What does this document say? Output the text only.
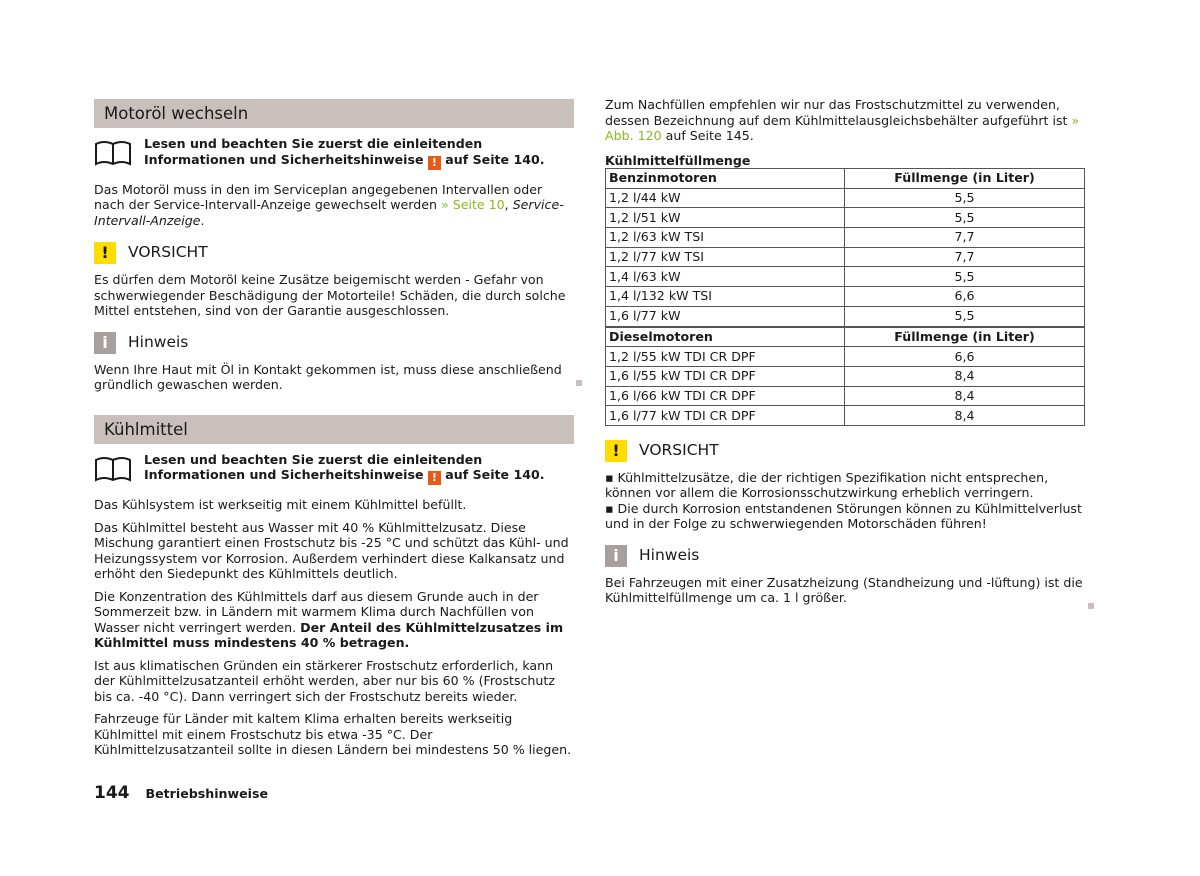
Motoröl wechseln
Lesen und beachten Sie zuerst die einleitenden Informationen und Sicherheitshinweise ! auf Seite 140.

Das Motoröl muss in den im Serviceplan angegebenen Intervallen oder nach der Service-Intervall-Anzeige gewechselt werden » Seite 10, Service-Intervall-Anzeige.

!	VORSICHT

Es dürfen dem Motoröl keine Zusätze beigemischt werden - Gefahr von schwerwiegender Beschädigung der Motorteile! Schäden, die durch solche Mittel entstehen, sind von der Garantie ausgeschlossen.

i	Hinweis

Wenn Ihre Haut mit Öl in Kontakt gekommen ist, muss diese anschließend gründlich gewaschen werden.

Kühlmittel
Lesen und beachten Sie zuerst die einleitenden Informationen und Sicherheitshinweise ! auf Seite 140.

Das Kühlsystem ist werkseitig mit einem Kühlmittel befüllt.

Das Kühlmittel besteht aus Wasser mit 40 % Kühlmittelzusatz. Diese Mischung garantiert einen Frostschutz bis -25 °C und schützt das Kühl- und Heizungssystem vor Korrosion. Außerdem verhindert diese Kalkansatz und erhöht den Siedepunkt des Kühlmittels deutlich.

Die Konzentration des Kühlmittels darf aus diesem Grunde auch in der Sommerzeit bzw. in Ländern mit warmem Klima durch Nachfüllen von Wasser nicht verringert werden. Der Anteil des Kühlmittelzusatzes im Kühlmittel muss mindestens 40 % betragen.

Ist aus klimatischen Gründen ein stärkerer Frostschutz erforderlich, kann der Kühlmittelzusatzanteil erhöht werden, aber nur bis 60 % (Frostschutz bis ca. -40 °C). Dann verringert sich der Frostschutz bereits wieder.

Fahrzeuge für Länder mit kaltem Klima erhalten bereits werkseitig Kühlmittel mit einem Frostschutz bis etwa -35 °C. Der Kühlmittelzusatzanteil sollte in diesen Ländern bei mindestens 50 % liegen.

Zum Nachfüllen empfehlen wir nur das Frostschutzmittel zu verwenden, dessen Bezeichnung auf dem Kühlmittelausgleichsbehälter aufgeführt ist » Abb. 120 auf Seite 145.

Kühlmittelfüllmenge
Benzinmotoren	Füllmenge (in Liter)
1,2 l/44 kW	5,5
1,2 l/51 kW	5,5
1,2 l/63 kW TSI	7,7
1,2 l/77 kW TSI	7,7
1,4 l/63 kW	5,5
1,4 l/132 kW TSI	6,6
1,6 l/77 kW	5,5
Dieselmotoren	Füllmenge (in Liter)
1,2 l/55 kW TDI CR DPF	6,6
1,6 l/55 kW TDI CR DPF	8,4
1,6 l/66 kW TDI CR DPF	8,4
1,6 l/77 kW TDI CR DPF	8,4
!	VORSICHT

▪ Kühlmittelzusätze, die der richtigen Spezifikation nicht entsprechen, können vor allem die Korrosionsschutzwirkung erheblich verringern.

▪ Die durch Korrosion entstandenen Störungen können zu Kühlmittelverlust und in der Folge zu schwerwiegenden Motorschäden führen!

i	Hinweis

Bei Fahrzeugen mit einer Zusatzheizung (Standheizung und -lüftung) ist die Kühlmittelfüllmenge um ca. 1 l größer.

144 Betriebshinweise
